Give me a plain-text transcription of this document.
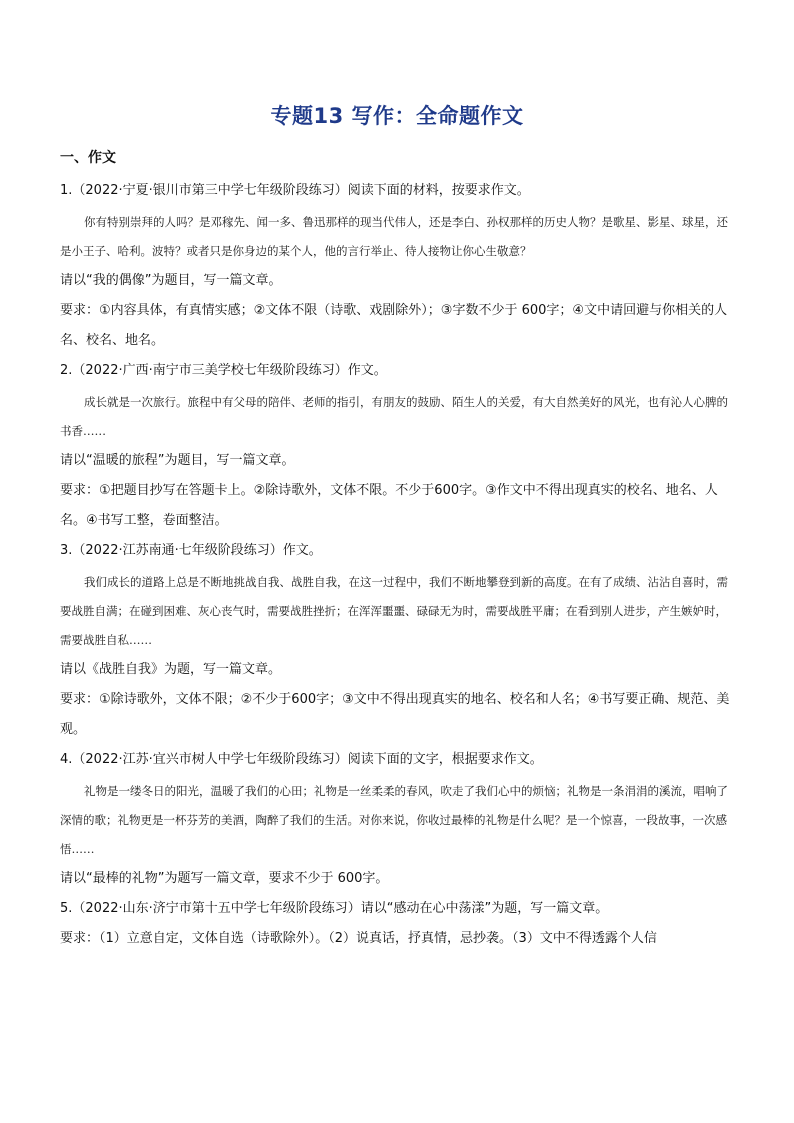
专题13 写作：全命题作文
一、作文

1.（2022·宁夏·银川市第三中学七年级阶段练习）阅读下面的材料，按要求作文。

你有特别崇拜的人吗？是邓稼先、闻一多、鲁迅那样的现当代伟人，还是李白、孙权那样的历史人物？是歌星、影星、球星，还是小王子、哈利。波特？或者只是你身边的某个人，他的言行举止、待人接物让你心生敬意？

请以“我的偶像”为题目，写一篇文章。

要求：①内容具体，有真情实感；②文体不限（诗歌、戏剧除外）；③字数不少于 600字；④文中请回避与你相关的人名、校名、地名。

2.（2022·广西·南宁市三美学校七年级阶段练习）作文。

成长就是一次旅行。旅程中有父母的陪伴、老师的指引，有朋友的鼓励、陌生人的关爱，有大自然美好的风光，也有沁人心脾的书香……

请以“温暖的旅程”为题目，写一篇文章。

要求：①把题目抄写在答题卡上。②除诗歌外，文体不限。不少于600字。③作文中不得出现真实的校名、地名、人名。④书写工整，卷面整洁。

3.（2022·江苏南通·七年级阶段练习）作文。

我们成长的道路上总是不断地挑战自我、战胜自我，在这一过程中，我们不断地攀登到新的高度。在有了成绩、沾沾自喜时，需要战胜自满；在碰到困难、灰心丧气时，需要战胜挫折；在浑浑噩噩、碌碌无为时，需要战胜平庸；在看到别人进步，产生嫉妒时，需要战胜自私……

请以《战胜自我》为题，写一篇文章。

要求：①除诗歌外，文体不限；②不少于600字；③文中不得出现真实的地名、校名和人名；④书写要正确、规范、美观。

4.（2022·江苏·宜兴市树人中学七年级阶段练习）阅读下面的文字，根据要求作文。

礼物是一缕冬日的阳光，温暖了我们的心田；礼物是一丝柔柔的春风，吹走了我们心中的烦恼；礼物是一条涓涓的溪流，唱响了深情的歌；礼物更是一杯芬芳的美酒，陶醉了我们的生活。对你来说，你收过最棒的礼物是什么呢？是一个惊喜，一段故事，一次感悟……

请以“最棒的礼物”为题写一篇文章，要求不少于 600字。

5.（2022·山东·济宁市第十五中学七年级阶段练习）请以“感动在心中荡漾”为题，写一篇文章。

要求：（1）立意自定，文体自选（诗歌除外）。（2）说真话，抒真情，忌抄袭。（3）文中不得透露个人信
